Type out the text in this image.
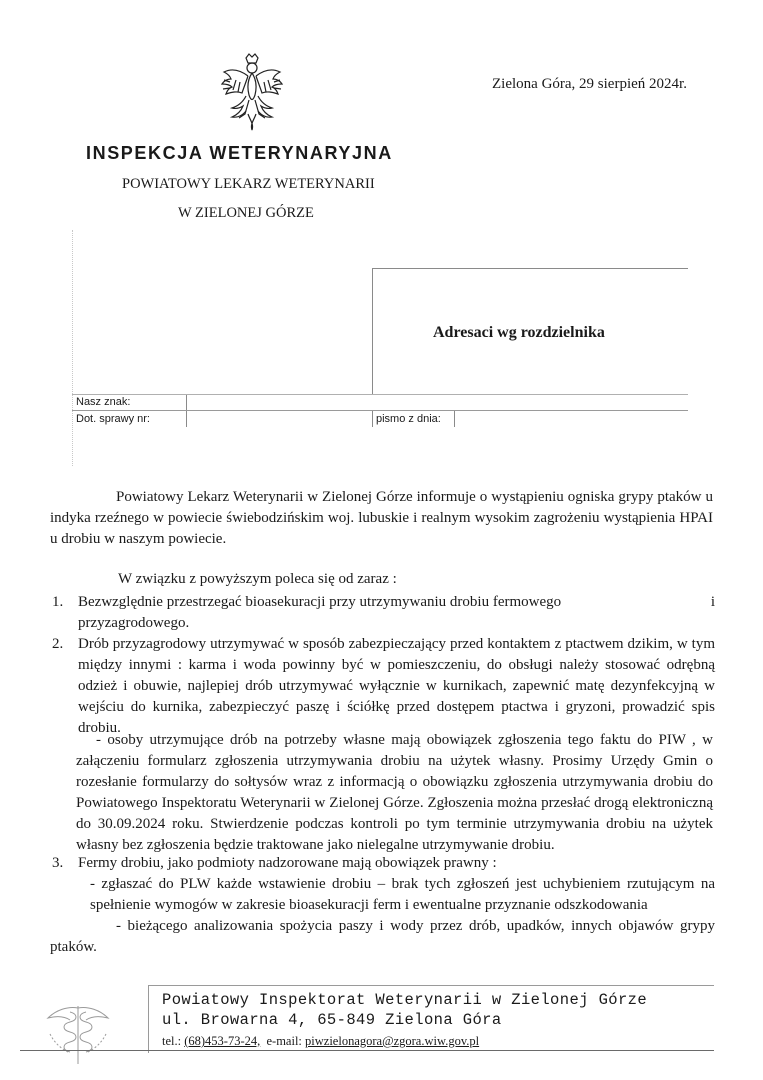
Zielona Góra, 29 sierpień 2024r.
INSPEKCJA WETERYNARYJNA
POWIATOWY LEKARZ WETERYNARII
W ZIELONEJ GÓRZE
Adresaci wg rozdzielnika
Nasz znak:
Dot. sprawy nr:	pismo z dnia:

Powiatowy Lekarz Weterynarii w Zielonej Górze informuje o wystąpieniu ogniska grypy ptaków u indyka rzeźnego w powiecie świebodzińskim woj. lubuskie i realnym wysokim zagrożeniu wystąpienia HPAI u drobiu w naszym powiecie.

W związku z powyższym poleca się od zaraz :
1.	i
Bezwzględnie przestrzegać bioasekuracji przy utrzymywaniu drobiu fermowego
przyzagrodowego.
2. Drób przyzagrodowy utrzymywać w sposób zabezpieczający przed kontaktem z ptactwem dzikim, w tym między innymi : karma i woda powinny być w pomieszczeniu, do obsługi należy stosować odrębną odzież i obuwie, najlepiej drób utrzymywać wyłącznie w kurnikach, zapewnić matę dezynfekcyjną w wejściu do kurnika, zabezpieczyć paszę i ściółkę przed dostępem ptactwa i gryzoni, prowadzić spis drobiu.

- osoby utrzymujące drób na potrzeby własne mają obowiązek zgłoszenia tego faktu do PIW , w załączeniu formularz zgłoszenia utrzymywania drobiu na użytek własny. Prosimy Urzędy Gmin o rozesłanie formularzy do sołtysów wraz z informacją o obowiązku zgłoszenia utrzymywania drobiu do Powiatowego Inspektoratu Weterynarii w Zielonej Górze. Zgłoszenia można przesłać drogą elektroniczną do 30.09.2024 roku. Stwierdzenie podczas kontroli po tym terminie utrzymywania drobiu na użytek własny bez zgłoszenia będzie traktowane jako nielegalne utrzymywanie drobiu.

3. Fermy drobiu, jako podmioty nadzorowane mają obowiązek prawny :
- zgłaszać do PLW każde wstawienie drobiu – brak tych zgłoszeń jest uchybieniem rzutującym na spełnienie wymogów w zakresie bioasekuracji ferm i ewentualne przyznanie odszkodowania
- bieżącego analizowania spożycia paszy i wody przez drób, upadków, innych objawów grypy ptaków.
Powiatowy Inspektorat Weterynarii w Zielonej Górze
ul. Browarna 4, 65-849 Zielona Góra
tel.: (68)453-73-24,  e-mail: piwzielonagora@zgora.wiw.gov.pl
